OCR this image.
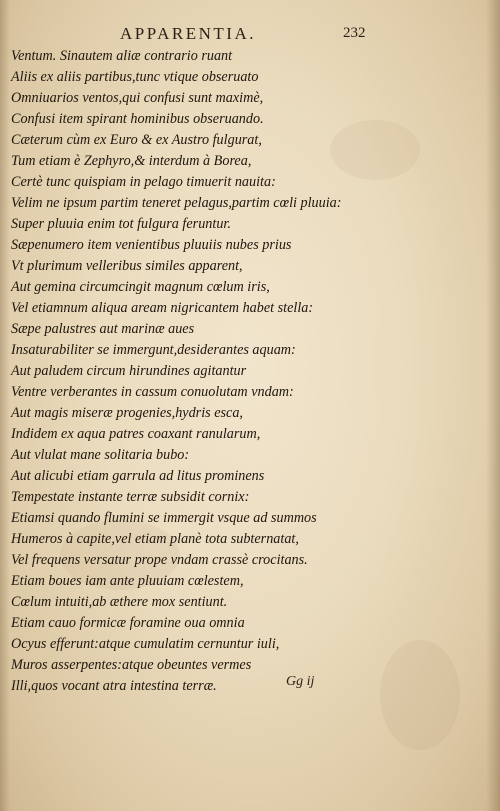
APPARENTIA.	232
Ventum. Sinautem aliæ contrario ruant
Aliis ex aliis partibus,tunc vtique obseruato
Omniuarios ventos,qui confusi sunt maximè,
Confusi item spirant hominibus obseruando.
Cæterum cùm ex Euro & ex Austro fulgurat,
Tum etiam è Zephyro,& interdum à Borea,
Certè tunc quispiam in pelago timuerit nauita:
Velim ne ipsum partim teneret pelagus,partim cœli pluuia:
Super pluuia enim tot fulgura feruntur.
Sæpenumero item venientibus pluuiis nubes prius
Vt plurimum velleribus similes apparent,
Aut gemina circumcingit magnum cœlum iris,
Vel etiamnum aliqua aream nigricantem habet stella:
Sæpe palustres aut marinæ aues
Insaturabiliter se immergunt,desiderantes aquam:
Aut paludem circum hirundines agitantur
Ventre verberantes in cassum conuolutam vndam:
Aut magis miseræ progenies,hydris esca,
Indidem ex aqua patres coaxant ranularum,
Aut vlulat mane solitaria bubo:
Aut alicubi etiam garrula ad litus prominens
Tempestate instante terræ subsidit cornix:
Etiamsi quando flumini se immergit vsque ad summos
Humeros à capite,vel etiam planè tota subternatat,
Vel frequens versatur prope vndam crassè crocitans.
Etiam boues iam ante pluuiam cœlestem,
Cœlum intuiti,ab æthere mox sentiunt.
Etiam cauo formicæ foramine oua omnia
Ocyus efferunt:atque cumulatim cernuntur iuli,
Muros asserpentes:atque obeuntes vermes
Illi,quos vocant atra intestina terræ.	Gg ij
